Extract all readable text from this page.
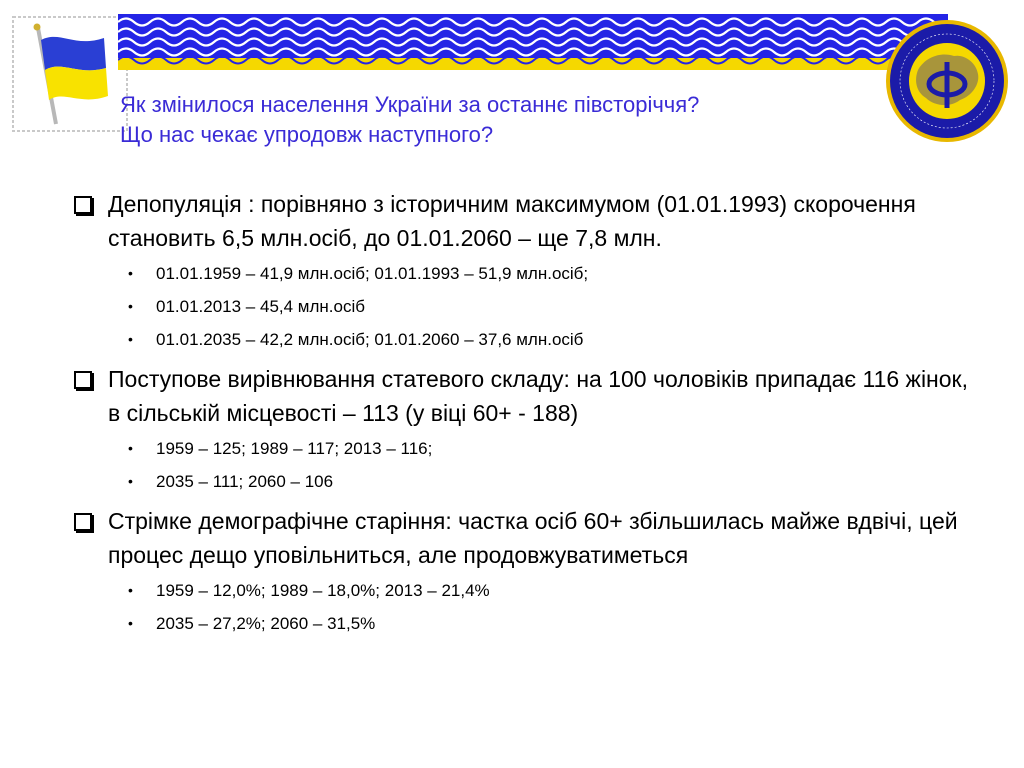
Як змінилося населення України за останнє півсторіччя?
Що нас чекає упродовж наступного?
Депопуляція : порівняно з історичним максимумом (01.01.1993) скорочення становить 6,5 млн.осіб, до 01.01.2060 – ще 7,8 млн.
• 01.01.1959 – 41,9 млн.осіб; 01.01.1993 – 51,9 млн.осіб;
• 01.01.2013 – 45,4 млн.осіб
• 01.01.2035 – 42,2 млн.осіб; 01.01.2060 – 37,6 млн.осіб
Поступове вирівнювання статевого складу: на 100 чоловіків припадає 116 жінок, в сільській місцевості – 113 (у віці 60+ - 188)
• 1959 – 125; 1989 – 117; 2013 – 116;
• 2035 – 111; 2060 – 106
Стрімке демографічне старіння: частка осіб 60+ збільшилась майже вдвічі, цей процес дещо уповільниться, але продовжуватиметься
• 1959 – 12,0%; 1989 – 18,0%; 2013 – 21,4%
• 2035 – 27,2%; 2060 – 31,5%
